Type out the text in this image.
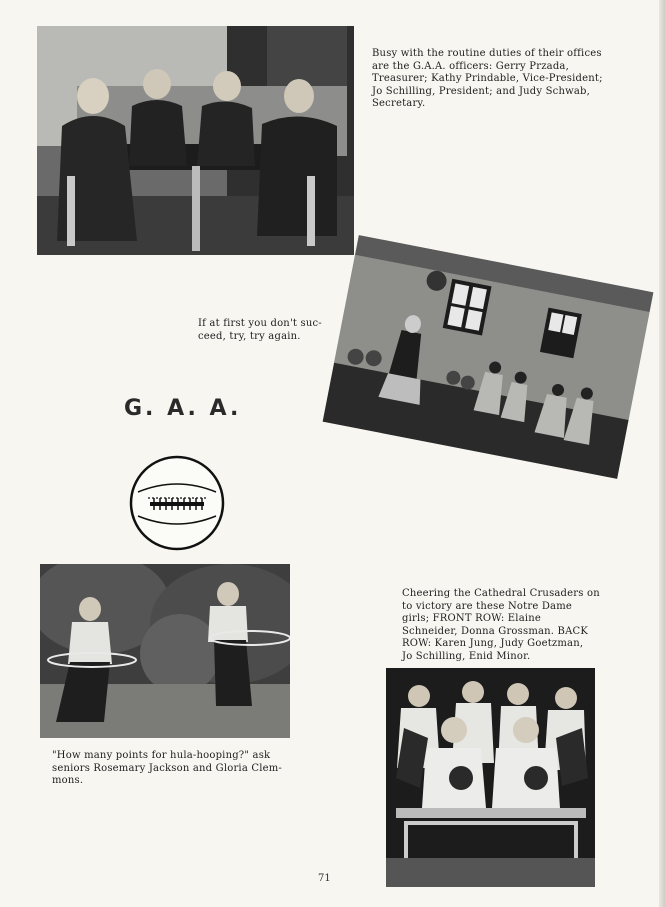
Busy with the routine duties of their offices
are the G.A.A. officers: Gerry Przada,
Treasurer; Kathy Prindable, Vice-President;
Jo Schilling, President; and Judy Schwab,
Secretary.
If at first you don't suc-
ceed, try, try again.
G. A. A.
"How many points for hula-hooping?" ask
seniors Rosemary Jackson and Gloria Clem-
mons.
Cheering the Cathedral Crusaders on
to victory are these Notre Dame
girls; FRONT ROW: Elaine
Schneider, Donna Grossman. BACK
ROW: Karen Jung, Judy Goetzman,
Jo Schilling, Enid Minor.
71
